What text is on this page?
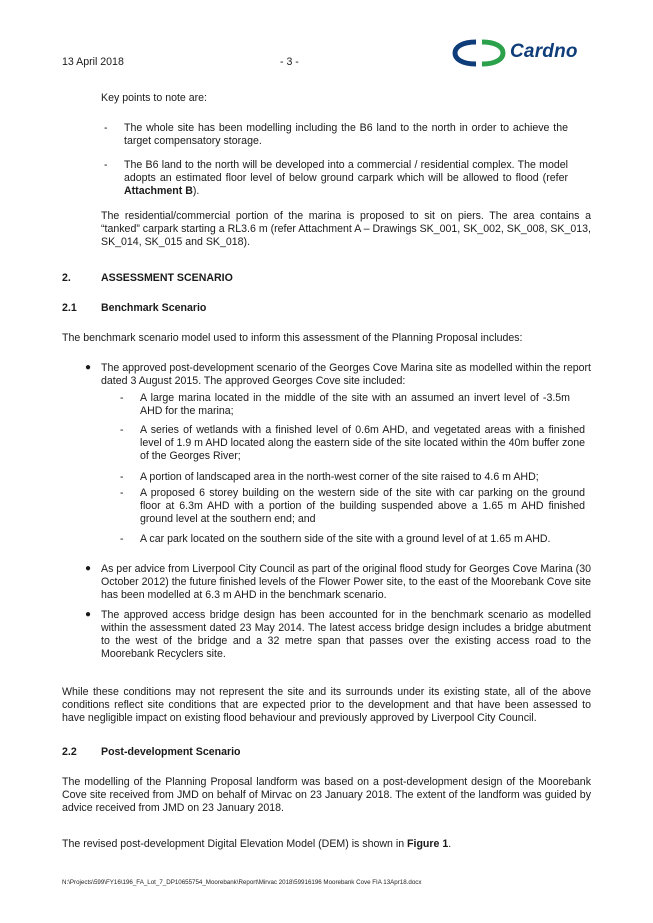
13 April 2018	- 3 -	Cardno
Key points to note are:
- The whole site has been modelling including the B6 land to the north in order to achieve the target compensatory storage.
- The B6 land to the north will be developed into a commercial / residential complex. The model adopts an estimated floor level of below ground carpark which will be allowed to flood (refer Attachment B).
The residential/commercial portion of the marina is proposed to sit on piers. The area contains a “tanked” carpark starting a RL3.6 m (refer Attachment A – Drawings SK_001, SK_002, SK_008, SK_013, SK_014, SK_015 and SK_018).
2.	ASSESSMENT SCENARIO
2.1 Benchmark Scenario
The benchmark scenario model used to inform this assessment of the Planning Proposal includes:
● The approved post-development scenario of the Georges Cove Marina site as modelled within the report dated 3 August 2015. The approved Georges Cove site included:
- A large marina located in the middle of the site with an assumed an invert level of -3.5m AHD for the marina;
- A series of wetlands with a finished level of 0.6m AHD, and vegetated areas with a finished level of 1.9 m AHD located along the eastern side of the site located within the 40m buffer zone of the Georges River;
- A portion of landscaped area in the north-west corner of the site raised to 4.6 m AHD;
- A proposed 6 storey building on the western side of the site with car parking on the ground floor at 6.3m AHD with a portion of the building suspended above a 1.65 m AHD finished ground level at the southern end; and
- A car park located on the southern side of the site with a ground level of at 1.65 m AHD.
● As per advice from Liverpool City Council as part of the original flood study for Georges Cove Marina (30 October 2012) the future finished levels of the Flower Power site, to the east of the Moorebank Cove site has been modelled at 6.3 m AHD in the benchmark scenario.
● The approved access bridge design has been accounted for in the benchmark scenario as modelled within the assessment dated 23 May 2014. The latest access bridge design includes a bridge abutment to the west of the bridge and a 32 metre span that passes over the existing access road to the Moorebank Recyclers site.
While these conditions may not represent the site and its surrounds under its existing state, all of the above conditions reflect site conditions that are expected prior to the development and that have been assessed to have negligible impact on existing flood behaviour and previously approved by Liverpool City Council.
2.2 Post-development Scenario
The modelling of the Planning Proposal landform was based on a post-development design of the Moorebank Cove site received from JMD on behalf of Mirvac on 23 January 2018. The extent of the landform was guided by advice received from JMD on 23 January 2018.
The revised post-development Digital Elevation Model (DEM) is shown in Figure 1.
N:\Projects\599\FY16\196_FA_Lot_7_DP10655754_Moorebank\Report\Mirvac 2018\59916196 Moorebank Cove FIA 13Apr18.docx
